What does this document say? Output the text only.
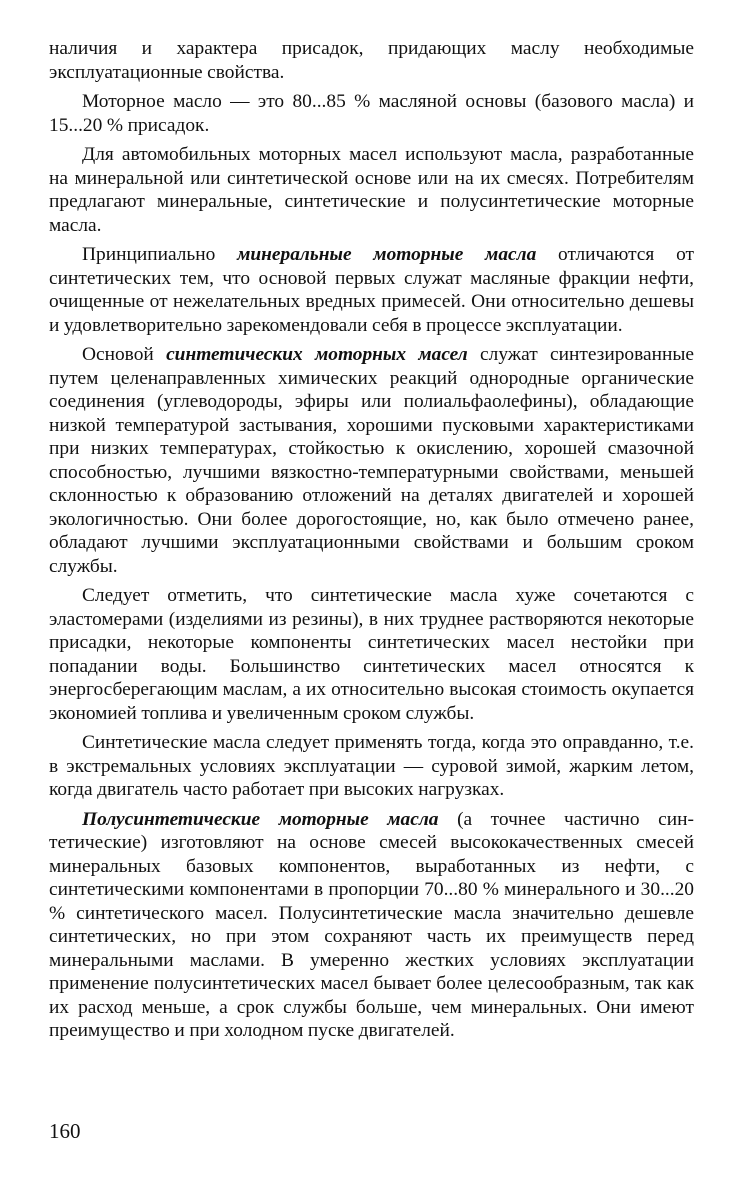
наличия и характера присадок, придающих маслу необходимые эксплуатационные свойства.

Моторное масло — это 80...85 % масляной основы (базового масла) и 15...20 % присадок.

Для автомобильных моторных масел используют масла, разработанные на минеральной или синтетической основе или на их смесях. Потребителям предлагают минеральные, синтетические и полусинтетические моторные масла.

Принципиально минеральные моторные масла отличаются от синтетических тем, что основой первых служат масляные фракции нефти, очищенные от нежелательных вредных примесей. Они относительно дешевы и удовлетворительно зарекомендовали себя в процессе эксплуатации.

Основой синтетических моторных масел служат синтезированные путем целенаправленных химических реакций однородные органические соединения (углеводороды, эфиры или полиальфаолефины), обладающие низкой температурой застывания, хорошими пусковыми характеристиками при низких температурах, стойкостью к окислению, хорошей смазочной способностью, лучшими вязкостно-температурными свойствами, меньшей склонностью к образованию отложений на деталях двигателей и хорошей экологичностью. Они более дорогостоящие, но, как было отмечено ранее, обладают лучшими эксплуатационными свойствами и большим сроком службы.

Следует отметить, что синтетические масла хуже сочетаются с эластомерами (изделиями из резины), в них труднее растворяются некоторые присадки, некоторые компоненты синтетических масел нестойки при попадании воды. Большинство синтетических масел относятся к энергосберегающим маслам, а их относительно высокая стоимость окупается экономией топлива и увеличенным сроком службы.

Синтетические масла следует применять тогда, когда это оправданно, т.е. в экстремальных условиях эксплуатации — суровой зимой, жарким летом, когда двигатель часто работает при высоких нагрузках.

Полусинтетические моторные масла (а точнее частично синтетические) изготовляют на основе смесей высококачественных смесей минеральных базовых компонентов, выработанных из нефти, с синтетическими компонентами в пропорции 70...80 % минерального и 30...20 % синтетического масел. Полусинтетические масла значительно дешевле синтетических, но при этом сохраняют часть их преимуществ перед минеральными маслами. В умеренно жестких условиях эксплуатации применение полусинтетических масел бывает более целесообразным, так как их расход меньше, а срок службы больше, чем минеральных. Они имеют преимущество и при холодном пуске двигателей.

160
